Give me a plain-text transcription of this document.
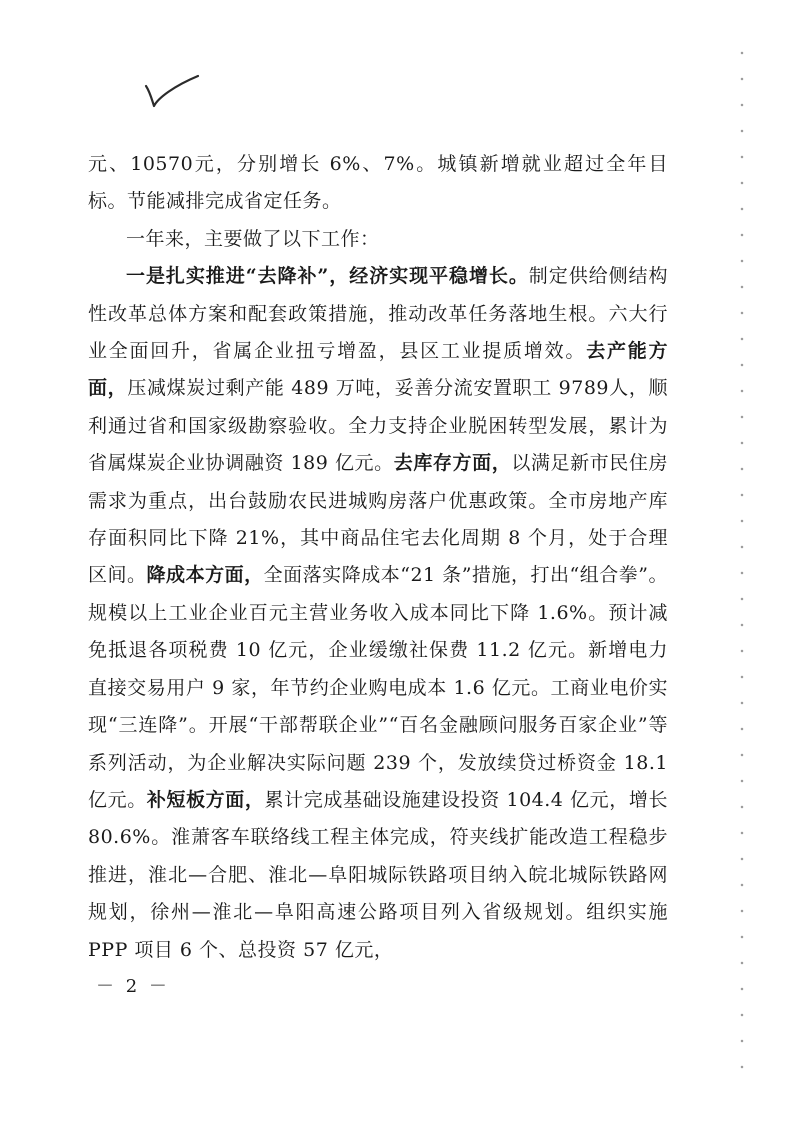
元、10570元，分别增长 6%、7%。城镇新增就业超过全年目标。节能减排完成省定任务。

一年来，主要做了以下工作：

一是扎实推进“去降补”，经济实现平稳增长。制定供给侧结构性改革总体方案和配套政策措施，推动改革任务落地生根。六大行业全面回升，省属企业扭亏增盈，县区工业提质增效。去产能方面，压减煤炭过剩产能 489 万吨，妥善分流安置职工 9789人，顺利通过省和国家级勘察验收。全力支持企业脱困转型发展，累计为省属煤炭企业协调融资 189 亿元。去库存方面，以满足新市民住房需求为重点，出台鼓励农民进城购房落户优惠政策。全市房地产库存面积同比下降 21%，其中商品住宅去化周期 8 个月，处于合理区间。降成本方面，全面落实降成本“21 条”措施，打出“组合拳”。规模以上工业企业百元主营业务收入成本同比下降 1.6%。预计减免抵退各项税费 10 亿元，企业缓缴社保费 11.2 亿元。新增电力直接交易用户 9 家，年节约企业购电成本 1.6 亿元。工商业电价实现“三连降”。开展“干部帮联企业”“百名金融顾问服务百家企业”等系列活动，为企业解决实际问题 239 个，发放续贷过桥资金 18.1 亿元。补短板方面，累计完成基础设施建设投资 104.4 亿元，增长 80.6%。淮萧客车联络线工程主体完成，符夹线扩能改造工程稳步推进，淮北—合肥、淮北—阜阳城际铁路项目纳入皖北城际铁路网规划，徐州—淮北—阜阳高速公路项目列入省级规划。组织实施 PPP 项目 6 个、总投资 57 亿元，

－ 2 －
